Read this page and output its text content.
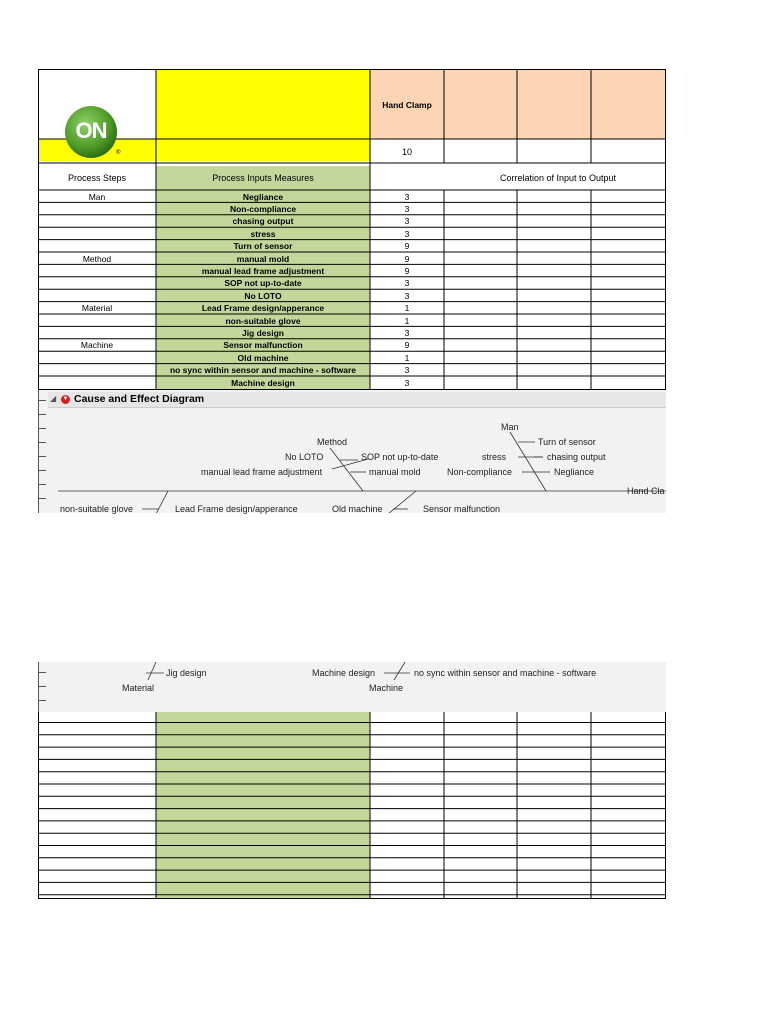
ON
®
Hand Clamp
10
Process Steps	Process Inputs Measures	Correlation of Input to Output
Man	Negliance	3
Non-compliance	3
chasing output	3
stress	3
Turn of sensor	9
Method	manual mold	9
manual lead frame adjustment	9
SOP not up-to-date	3
No LOTO	3
Material	Lead Frame design/apperance	1
non-suitable glove	1
Jig design	3
Machine	Sensor malfunction	9
Old machine	1
no sync within sensor and machine - software	3
Machine design	3
◢ ▼ Cause and Effect Diagram
Man
Turn of sensor
stress	chasing output
Non-compliance	Negliance
Hand Cla
Method
No LOTO	SOP not up-to-date
manual lead frame adjustment	manual mold
non-suitable glove	Lead Frame design/apperance	Old machine	Sensor malfunction
Jig design
Material
Machine design	no sync within sensor and machine - software
Machine
